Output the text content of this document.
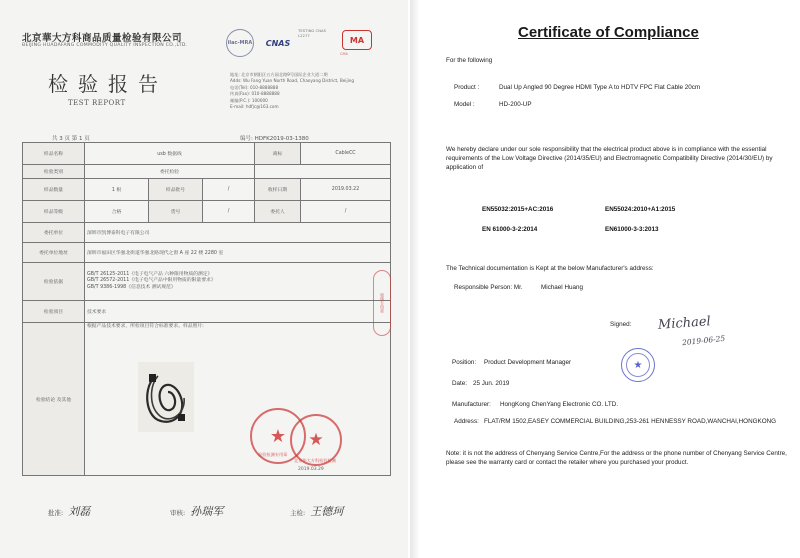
北京華大方科商品质量检验有限公司
BEIJING HUADAFANG COMMODITY QUALITY INSPECTION CO.,LTD.	ilac-MRA	CNAS
TESTING CNAS L2277	MA
CMA
检验报告
TEST REPORT
地址: 北京市朝阳区五方园北路9号国际企业大道二期
Adds: Wu Fang Yuan North Road, Chaoyang District, Beijing
电话(Tel): 010-8888888
传真(Fax): 010-8888888
邮编(P.C.): 100000
E-mail: hdfjc@163.com
共 3 页 第 1 页	编号: HDFK2019-03-1380
样品名称	usb 数据线			商标	CableCC
检验类别	委托检验				
样品数量	1 根	样品批号	/	收样日期	2019.03.22
样品等级	合格	货号	/	委托人	/
委托单位	深圳市凯博泰科电子有限公司				
委托单位地址	深圳市福田区华强北街道华强北路现代之窗 A 座 22 楼 2280 室				
检验依据	GB/T 26125-2011《电子电气产品 六种限用物质的测定》
GB/T 26572-2011《电子电气产品中限用物质的限量要求》
GB/T 9386-1998《信息技术 测试规范》				

检验项目	技术要求				
检验结论 及其他	根据产品技术要求，所检项目符合标准要求。样品照片:				
★
检验检测专用章
★
北京华大方科检验检测
2019.03.29
骑缝专用章
批准: 刘磊	审核: 孙瑞军	主检: 王德珂
Certificate of Compliance
For the following
Product :	Dual Up Angled 90 Degree HDMI Type A to HDTV FPC Flat Cable 20cm
Model :	HD-200-UP
We hereby declare under our sole responsibility that the electrical product above is in compliance with the essential requirements of the Low Voltage Directive (2014/35/EU) and Electromagnetic Compatibility Directive (2014/30/EU) by application of
EN55032:2015+AC:2016	EN55024:2010+A1:2015
EN 61000-3-2:2014	EN61000-3-3:2013
The Technical documentation is Kept at the below Manufacturer's address:
Responsible Person: Mr.	Michael Huang
Signed: Michael
2019-06-25
★
Position: Product Development Manager
Date: 25 Jun. 2019
Manufacturer: HongKong ChenYang Electronic CO. LTD.
Address: FLAT/RM 1502,EASEY COMMERCIAL BUILDING,253-261 HENNESSY ROAD,WANCHAI,HONGKONG
Note: it is not the address of Chenyang Service Centre,For the address or the phone number of Chenyang Service Centre, please see the warranty card or contact the retailer where you purchased your product.
